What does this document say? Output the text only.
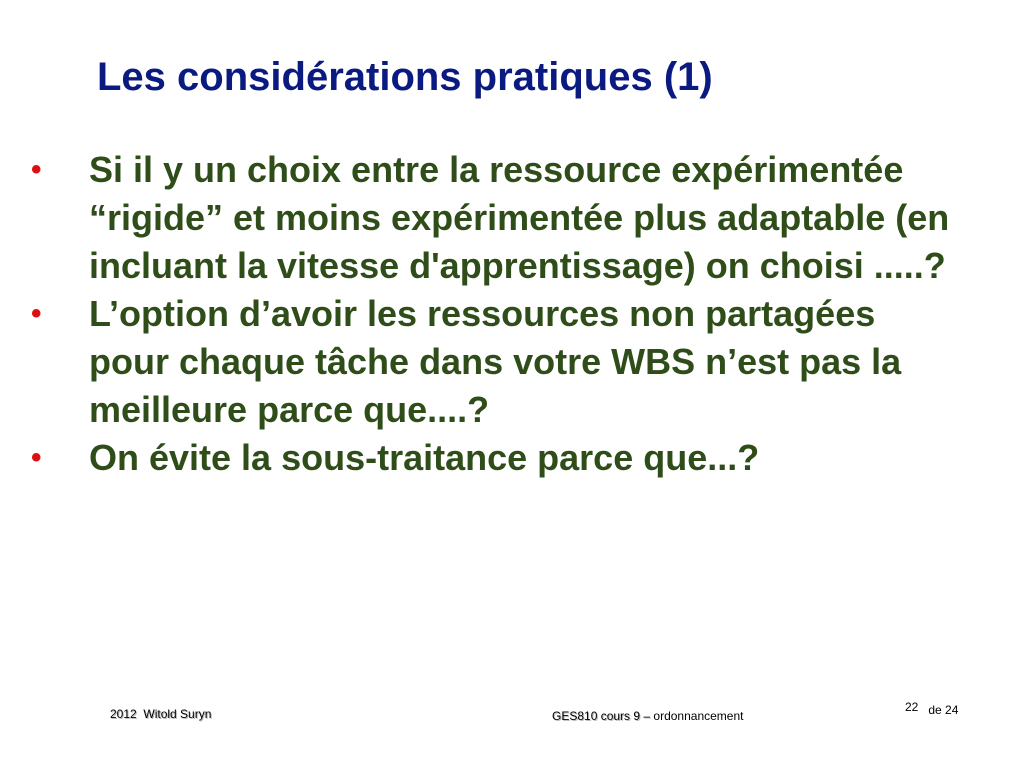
Les considérations pratiques (1)
• Si il y un choix entre la ressource expérimentée “rigide” et moins expérimentée plus adaptable (en incluant la vitesse d'apprentissage) on choisi .....?
• L’option d’avoir les ressources non partagées pour chaque tâche dans votre WBS n’est pas la meilleure parce que....?
• On évite la sous-traitance parce que...?
2012  Witold Suryn	GES810 cours 9 – ordonnancement
22 de 24
